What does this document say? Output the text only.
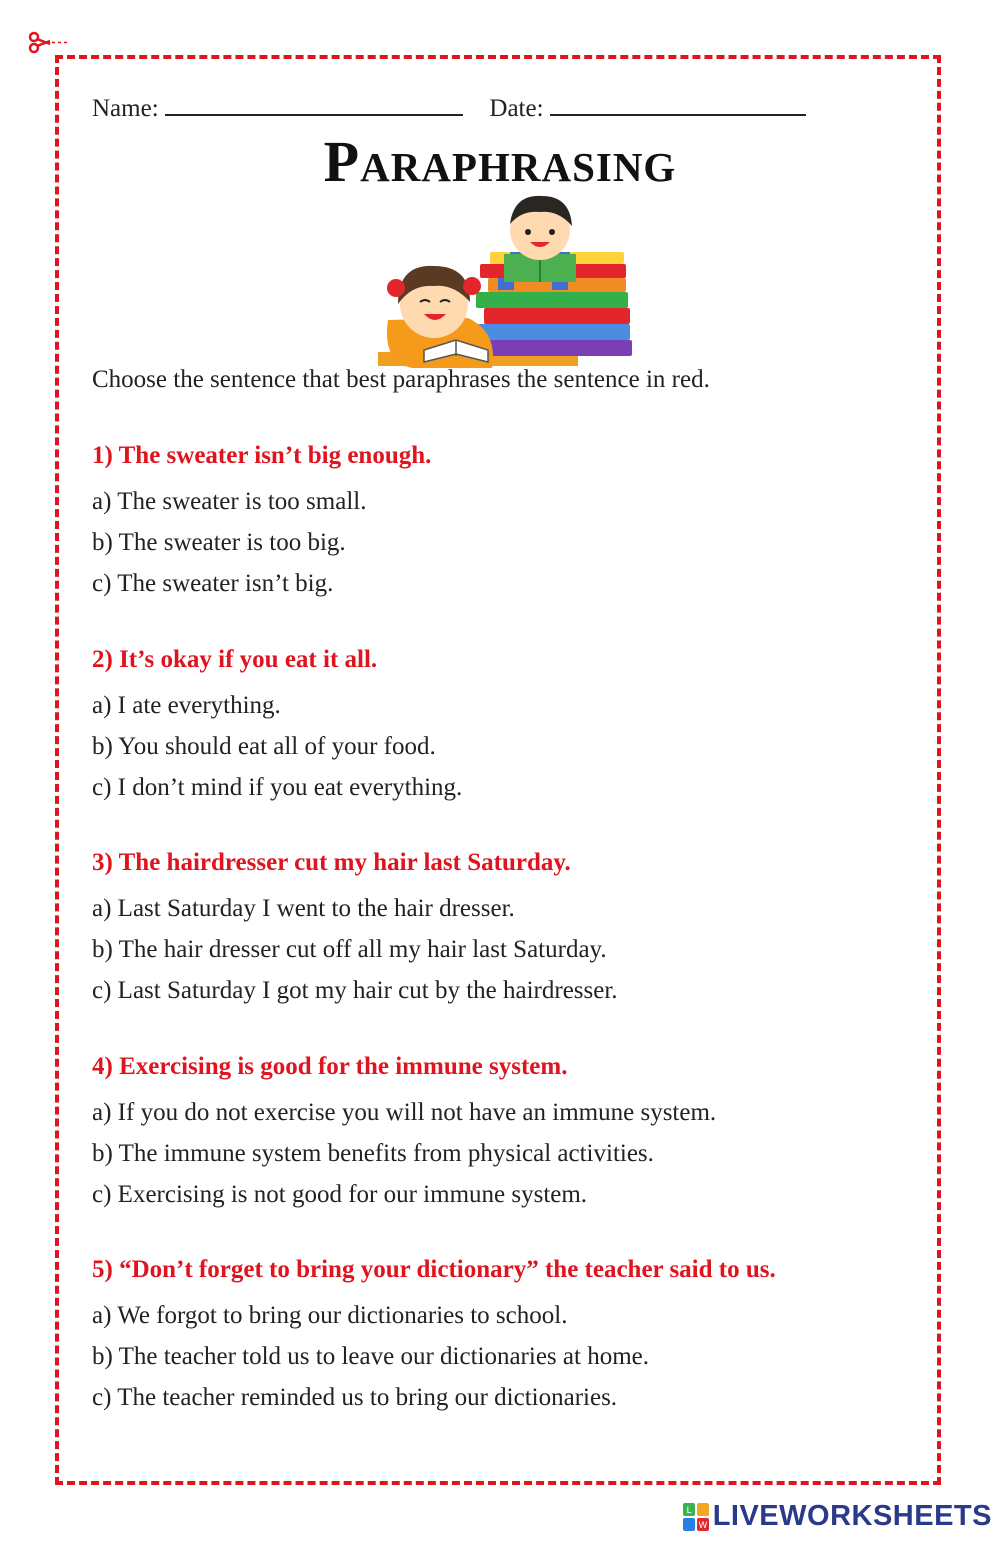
Name:	Date:
Paraphrasing
Choose the sentence that best paraphrases the sentence in red.
1) The sweater isn’t big enough.
a) The sweater is too small.
b) The sweater is too big.
c) The sweater isn’t big.
2) It’s okay if you eat it all.
a) I ate everything.
b) You should eat all of your food.
c) I don’t mind if you eat everything.
3) The hairdresser cut my hair last Saturday.
a) Last Saturday I went to the hair dresser.
b) The hair dresser cut off all my hair last Saturday.
c) Last Saturday I got my hair cut by the hairdresser.
4) Exercising is good for the immune system.
a) If you do not exercise you will not have an immune system.
b) The immune system benefits from physical activities.
c) Exercising is not good for our immune system.
5) “Don’t forget to bring your dictionary” the teacher said to us.
a) We forgot to bring our dictionaries to school.
b) The teacher told us to leave our dictionaries at home.
c) The teacher reminded us to bring our dictionaries.
L
W LIVEWORKSHEETS
